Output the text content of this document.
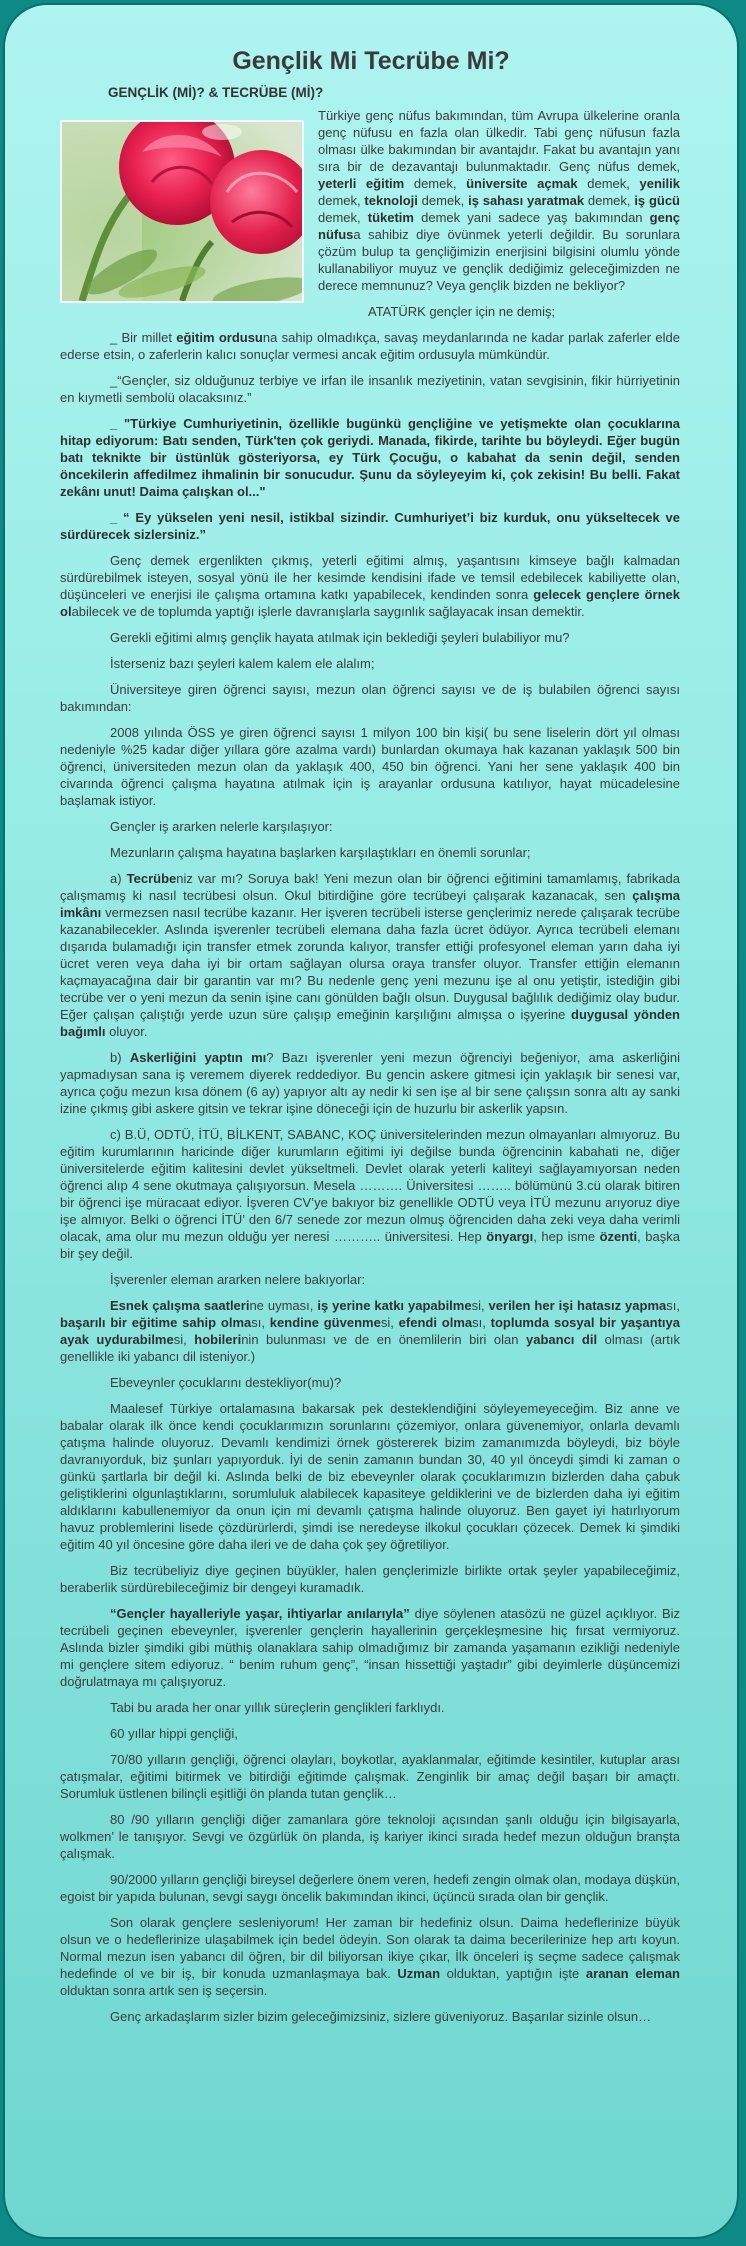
Gençlik Mi Tecrübe Mi?
GENÇLİK (Mİ)? & TECRÜBE (Mİ)?

Türkiye genç nüfus bakımından, tüm Avrupa ülkelerine oranla genç nüfusu en fazla olan ülkedir. Tabi genç nüfusun fazla olması ülke bakımından bir avantajdır. Fakat bu avantajın yanı sıra bir de dezavantajı bulunmaktadır. Genç nüfus demek, yeterli eğitim demek, üniversite açmak demek, yenilik demek, teknoloji demek, iş sahası yaratmak demek, iş gücü demek, tüketim demek yani sadece yaş bakımından genç nüfusa sahibiz diye övünmek yeterli değildir. Bu sorunlara çözüm bulup ta gençliğimizin enerjisini bilgisini olumlu yönde kullanabiliyor muyuz ve gençlik dediğimiz geleceğimizden ne derece memnunuz? Veya gençlik bizden ne bekliyor?

ATATÜRK gençler için ne demiş;

_ Bir millet eğitim ordusuna sahip olmadıkça, savaş meydanlarında ne kadar parlak zaferler elde ederse etsin, o zaferlerin kalıcı sonuçlar vermesi ancak eğitim ordusuyla mümkündür.

_“Gençler, siz olduğunuz terbiye ve irfan ile insanlık meziyetinin, vatan sevgisinin, fikir hürriyetinin en kıymetli sembolü olacaksınız.”

_ "Türkiye Cumhuriyetinin, özellikle bugünkü gençliğine ve yetişmekte olan çocuklarına hitap ediyorum: Batı senden, Türk'ten çok geriydi. Manada, fikirde, tarihte bu böyleydi. Eğer bugün batı teknikte bir üstünlük gösteriyorsa, ey Türk Çocuğu, o kabahat da senin değil, senden öncekilerin affedilmez ihmalinin bir sonucudur. Şunu da söyleyeyim ki, çok zekisin! Bu belli. Fakat zekânı unut! Daima çalışkan ol..."

_ “ Ey yükselen yeni nesil, istikbal sizindir. Cumhuriyet’i biz kurduk, onu yükseltecek ve sürdürecek sizlersiniz.”

Genç demek ergenlikten çıkmış, yeterli eğitimi almış, yaşantısını kimseye bağlı kalmadan sürdürebilmek isteyen, sosyal yönü ile her kesimde kendisini ifade ve temsil edebilecek kabiliyette olan, düşünceleri ve enerjisi ile çalışma ortamına katkı yapabilecek, kendinden sonra gelecek gençlere örnek olabilecek ve de toplumda yaptığı işlerle davranışlarla saygınlık sağlayacak insan demektir.

Gerekli eğitimi almış gençlik hayata atılmak için beklediği şeyleri bulabiliyor mu?

İsterseniz bazı şeyleri kalem kalem ele alalım;

Üniversiteye giren öğrenci sayısı, mezun olan öğrenci sayısı ve de iş bulabilen öğrenci sayısı bakımından:

2008 yılında ÖSS ye giren öğrenci sayısı 1 milyon 100 bin kişi( bu sene liselerin dört yıl olması nedeniyle %25 kadar diğer yıllara göre azalma vardı) bunlardan okumaya hak kazanan yaklaşık 500 bin öğrenci, üniversiteden mezun olan da yaklaşık 400, 450 bin öğrenci. Yani her sene yaklaşık 400 bin civarında öğrenci çalışma hayatına atılmak için iş arayanlar ordusuna katılıyor, hayat mücadelesine başlamak istiyor.

Gençler iş ararken nelerle karşılaşıyor:

Mezunların çalışma hayatına başlarken karşılaştıkları en önemli sorunlar;

a) Tecrübeniz var mı? Soruya bak! Yeni mezun olan bir öğrenci eğitimini tamamlamış, fabrikada çalışmamış ki nasıl tecrübesi olsun. Okul bitirdiğine göre tecrübeyi çalışarak kazanacak, sen çalışma imkânı vermezsen nasıl tecrübe kazanır. Her işveren tecrübeli isterse gençlerimiz nerede çalışarak tecrübe kazanabilecekler. Aslında işverenler tecrübeli elemana daha fazla ücret ödüyor. Ayrıca tecrübeli elemanı dışarıda bulamadığı için transfer etmek zorunda kalıyor, transfer ettiği profesyonel eleman yarın daha iyi ücret veren veya daha iyi bir ortam sağlayan olursa oraya transfer oluyor. Transfer ettiğin elemanın kaçmayacağına dair bir garantin var mı? Bu nedenle genç yeni mezunu işe al onu yetiştir, istediğin gibi tecrübe ver o yeni mezun da senin işine canı gönülden bağlı olsun. Duygusal bağlılık dediğimiz olay budur. Eğer çalışan çalıştığı yerde uzun süre çalışıp emeğinin karşılığını almışsa o işyerine duygusal yönden bağımlı oluyor.

b) Askerliğini yaptın mı? Bazı işverenler yeni mezun öğrenciyi beğeniyor, ama askerliğini yapmadıysan sana iş veremem diyerek reddediyor. Bu gencin askere gitmesi için yaklaşık bir senesi var, ayrıca çoğu mezun kısa dönem (6 ay) yapıyor altı ay nedir ki sen işe al bir sene çalışsın sonra altı ay sanki izine çıkmış gibi askere gitsin ve tekrar işine döneceği için de huzurlu bir askerlik yapsın.

c) B.Ü, ODTÜ, İTÜ, BİLKENT, SABANC, KOÇ üniversitelerinden mezun olmayanları almıyoruz. Bu eğitim kurumlarının haricinde diğer kurumların eğitimi iyi değilse bunda öğrencinin kabahati ne, diğer üniversitelerde eğitim kalitesini devlet yükseltmeli. Devlet olarak yeterli kaliteyi sağlayamıyorsan neden öğrenci alıp 4 sene okutmaya çalışıyorsun. Mesela ………. Üniversitesi …….. bölümünü 3.cü olarak bitiren bir öğrenci işe müracaat ediyor. İşveren CV’ye bakıyor biz genellikle ODTÜ veya İTÜ mezunu arıyoruz diye işe almıyor. Belki o öğrenci İTÜ’ den 6/7 senede zor mezun olmuş öğrenciden daha zeki veya daha verimli olacak, ama olur mu mezun olduğu yer neresi ……….. üniversitesi. Hep önyargı, hep isme özenti, başka bir şey değil.

İşverenler eleman ararken nelere bakıyorlar:

Esnek çalışma saatlerine uyması, iş yerine katkı yapabilmesi, verilen her işi hatasız yapması, başarılı bir eğitime sahip olması, kendine güvenmesi, efendi olması, toplumda sosyal bir yaşantıya ayak uydurabilmesi, hobilerinin bulunması ve de en önemlilerin biri olan yabancı dil olması (artık genellikle iki yabancı dil isteniyor.)

Ebeveynler çocuklarını destekliyor(mu)?

Maalesef Türkiye ortalamasına bakarsak pek desteklendiğini söyleyemeyeceğim. Biz anne ve babalar olarak ilk önce kendi çocuklarımızın sorunlarını çözemiyor, onlara güvenemiyor, onlarla devamlı çatışma halinde oluyoruz. Devamlı kendimizi örnek göstererek bizim zamanımızda böyleydi, biz böyle davranıyorduk, biz şunları yapıyorduk. İyi de senin zamanın bundan 30, 40 yıl önceydi şimdi ki zaman o günkü şartlarla bir değil ki. Aslında belki de biz ebeveynler olarak çocuklarımızın bizlerden daha çabuk geliştiklerini olgunlaştıklarını, sorumluluk alabilecek kapasiteye geldiklerini ve de bizlerden daha iyi eğitim aldıklarını kabullenemiyor da onun için mi devamlı çatışma halinde oluyoruz. Ben gayet iyi hatırlıyorum havuz problemlerini lisede çözdürürlerdi, şimdi ise neredeyse ilkokul çocukları çözecek. Demek ki şimdiki eğitim 40 yıl öncesine göre daha ileri ve de daha çok şey öğretiliyor.

Biz tecrübeliyiz diye geçinen büyükler, halen gençlerimizle birlikte ortak şeyler yapabileceğimiz, beraberlik sürdürebileceğimiz bir dengeyi kuramadık.

“Gençler hayalleriyle yaşar, ihtiyarlar anılarıyla” diye söylenen atasözü ne güzel açıklıyor. Biz tecrübeli geçinen ebeveynler, işverenler gençlerin hayallerinin gerçekleşmesine hiç fırsat vermiyoruz. Aslında bizler şimdiki gibi müthiş olanaklara sahip olmadığımız bir zamanda yaşamanın ezikliği nedeniyle mi gençlere sitem ediyoruz. “ benim ruhum genç”, “insan hissettiği yaştadır” gibi deyimlerle düşüncemizi doğrulatmaya mı çalışıyoruz.

Tabi bu arada her onar yıllık süreçlerin gençlikleri farklıydı.

60 yıllar hippi gençliği,

70/80 yılların gençliği, öğrenci olayları, boykotlar, ayaklanmalar, eğitimde kesintiler, kutuplar arası çatışmalar, eğitimi bitirmek ve bitirdiği eğitimde çalışmak. Zenginlik bir amaç değil başarı bir amaçtı. Sorumluk üstlenen bilinçli eşitliği ön planda tutan gençlik…

80 /90 yılların gençliği diğer zamanlara göre teknoloji açısından şanlı olduğu için bilgisayarla, wolkmen’ le tanışıyor. Sevgi ve özgürlük ön planda, iş kariyer ikinci sırada hedef mezun olduğun branşta çalışmak.

90/2000 yılların gençliği bireysel değerlere önem veren, hedefi zengin olmak olan, modaya düşkün, egoist bir yapıda bulunan, sevgi saygı öncelik bakımından ikinci, üçüncü sırada olan bir gençlik.

Son olarak gençlere sesleniyorum! Her zaman bir hedefiniz olsun. Daima hedeflerinize büyük olsun ve o hedeflerinize ulaşabilmek için bedel ödeyin. Son olarak ta daima becerilerinize hep artı koyun. Normal mezun isen yabancı dil öğren, bir dil biliyorsan ikiye çıkar, İlk önceleri iş seçme sadece çalışmak hedefinde ol ve bir iş, bir konuda uzmanlaşmaya bak. Uzman olduktan, yaptığın işte aranan eleman olduktan sonra artık sen iş seçersin.

Genç arkadaşlarım sizler bizim geleceğimizsiniz, sizlere güveniyoruz. Başarılar sizinle olsun…
